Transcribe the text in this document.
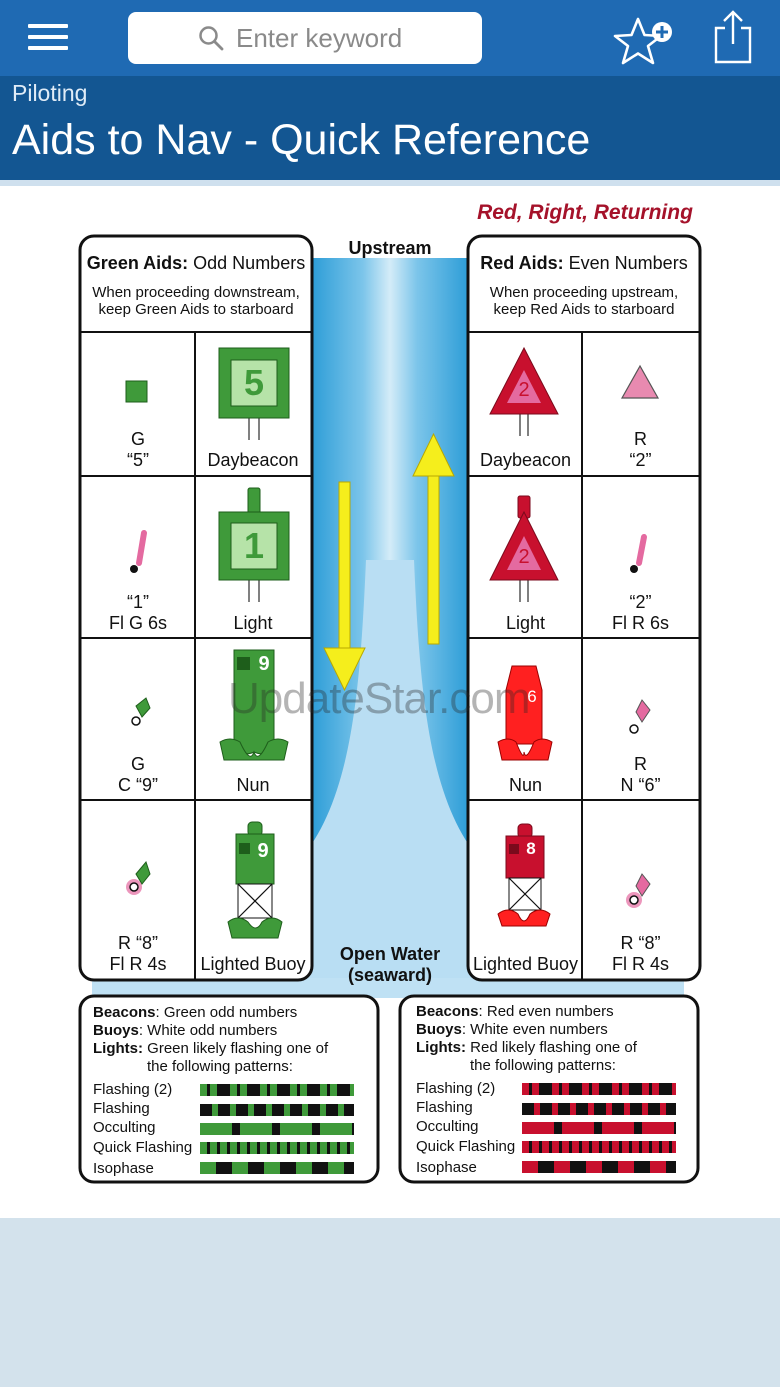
Enter keyword
Piloting
Aids to Nav - Quick Reference
Red, Right, Returning
Upstream
Open Water
(seaward)
Green Aids: Odd Numbers
When proceeding downstream,
keep Green Aids to starboard
Red Aids: Even Numbers
When proceeding upstream,
keep Red Aids to starboard
G
“5”
5
Daybeacon
“1”
Fl G 6s
1
Light
G
C “9”
9
Nun
R “8”
Fl R 4s
9
Lighted Buoy
2
Daybeacon
R
“2”
2
Light
“2”
Fl R 6s
6
Nun
R
N “6”
8
Lighted Buoy
R “8”
Fl R 4s
UpdateStar.com
Beacons: Green odd numbers
Buoys: White odd numbers
Lights: Green likely flashing one of
the following patterns:
Flashing (2)
Flashing
Occulting
Quick Flashing
Isophase
Beacons: Red even numbers
Buoys: White even numbers
Lights: Red likely flashing one of
the following patterns:
Flashing (2)
Flashing
Occulting
Quick Flashing
Isophase
